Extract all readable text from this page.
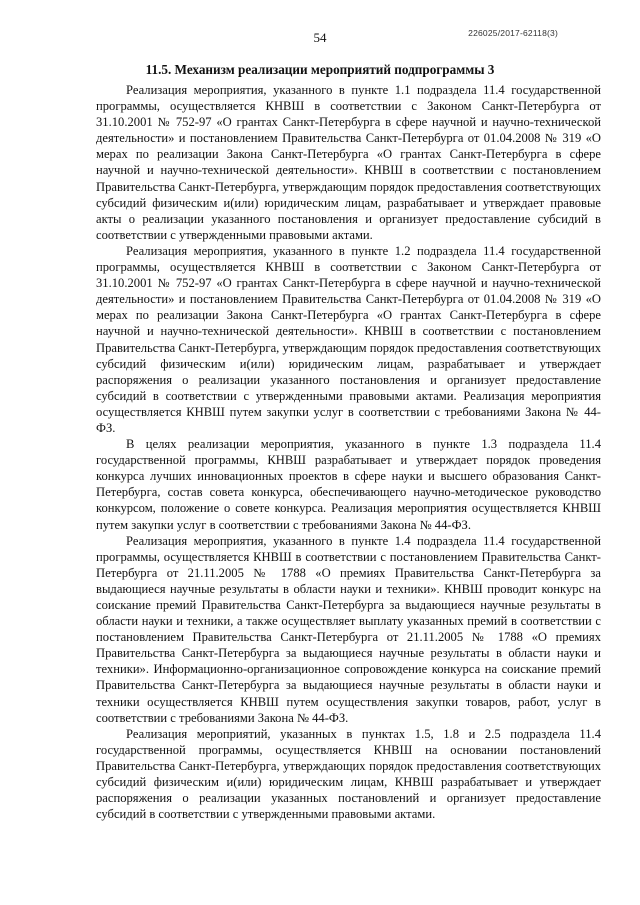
226025/2017-62118(3)
54
11.5. Механизм реализации мероприятий подпрограммы 3

Реализация мероприятия, указанного в пункте 1.1 подраздела 11.4 государственной программы, осуществляется КНВШ в соответствии с Законом Санкт-Петербурга от 31.10.2001 № 752-97 «О грантах Санкт-Петербурга в сфере научной и научно-технической деятельности» и постановлением Правительства Санкт-Петербурга от 01.04.2008 № 319 «О мерах по реализации Закона Санкт-Петербурга «О грантах Санкт-Петербурга в сфере научной и научно-технической деятельности». КНВШ в соответствии с постановлением Правительства Санкт-Петербурга, утверждающим порядок предоставления соответствующих субсидий физическим и(или) юридическим лицам, разрабатывает и утверждает правовые акты о реализации указанного постановления и организует предоставление субсидий в соответствии с утвержденными правовыми актами.

Реализация мероприятия, указанного в пункте 1.2 подраздела 11.4 государственной программы, осуществляется КНВШ в соответствии с Законом Санкт-Петербурга от 31.10.2001 № 752-97 «О грантах Санкт-Петербурга в сфере научной и научно-технической деятельности» и постановлением Правительства Санкт-Петербурга от 01.04.2008 № 319 «О мерах по реализации Закона Санкт-Петербурга «О грантах Санкт-Петербурга в сфере научной и научно-технической деятельности». КНВШ в соответствии с постановлением Правительства Санкт-Петербурга, утверждающим порядок предоставления соответствующих субсидий физическим и(или) юридическим лицам, разрабатывает и утверждает распоряжения о реализации указанного постановления и организует предоставление субсидий в соответствии с утвержденными правовыми актами. Реализация мероприятия осуществляется КНВШ путем закупки услуг в соответствии с требованиями Закона № 44-ФЗ.

В целях реализации мероприятия, указанного в пункте 1.3 подраздела 11.4 государственной программы, КНВШ разрабатывает и утверждает порядок проведения конкурса лучших инновационных проектов в сфере науки и высшего образования Санкт-Петербурга, состав совета конкурса, обеспечивающего научно-методическое руководство конкурсом, положение о совете конкурса. Реализация мероприятия осуществляется КНВШ путем закупки услуг в соответствии с требованиями Закона № 44-ФЗ.

Реализация мероприятия, указанного в пункте 1.4 подраздела 11.4 государственной программы, осуществляется КНВШ в соответствии с постановлением Правительства Санкт-Петербурга от 21.11.2005 № 1788 «О премиях Правительства Санкт-Петербурга за выдающиеся научные результаты в области науки и техники». КНВШ проводит конкурс на соискание премий Правительства Санкт-Петербурга за выдающиеся научные результаты в области науки и техники, а также осуществляет выплату указанных премий в соответствии с постановлением Правительства Санкт-Петербурга от 21.11.2005 № 1788 «О премиях Правительства Санкт-Петербурга за выдающиеся научные результаты в области науки и техники». Информационно-организационное сопровождение конкурса на соискание премий Правительства Санкт-Петербурга за выдающиеся научные результаты в области науки и техники осуществляется КНВШ путем осуществления закупки товаров, работ, услуг в соответствии с требованиями Закона № 44-ФЗ.

Реализация мероприятий, указанных в пунктах 1.5, 1.8 и 2.5 подраздела 11.4 государственной программы, осуществляется КНВШ на основании постановлений Правительства Санкт-Петербурга, утверждающих порядок предоставления соответствующих субсидий физическим и(или) юридическим лицам, КНВШ разрабатывает и утверждает распоряжения о реализации указанных постановлений и организует предоставление субсидий в соответствии с утвержденными правовыми актами.
